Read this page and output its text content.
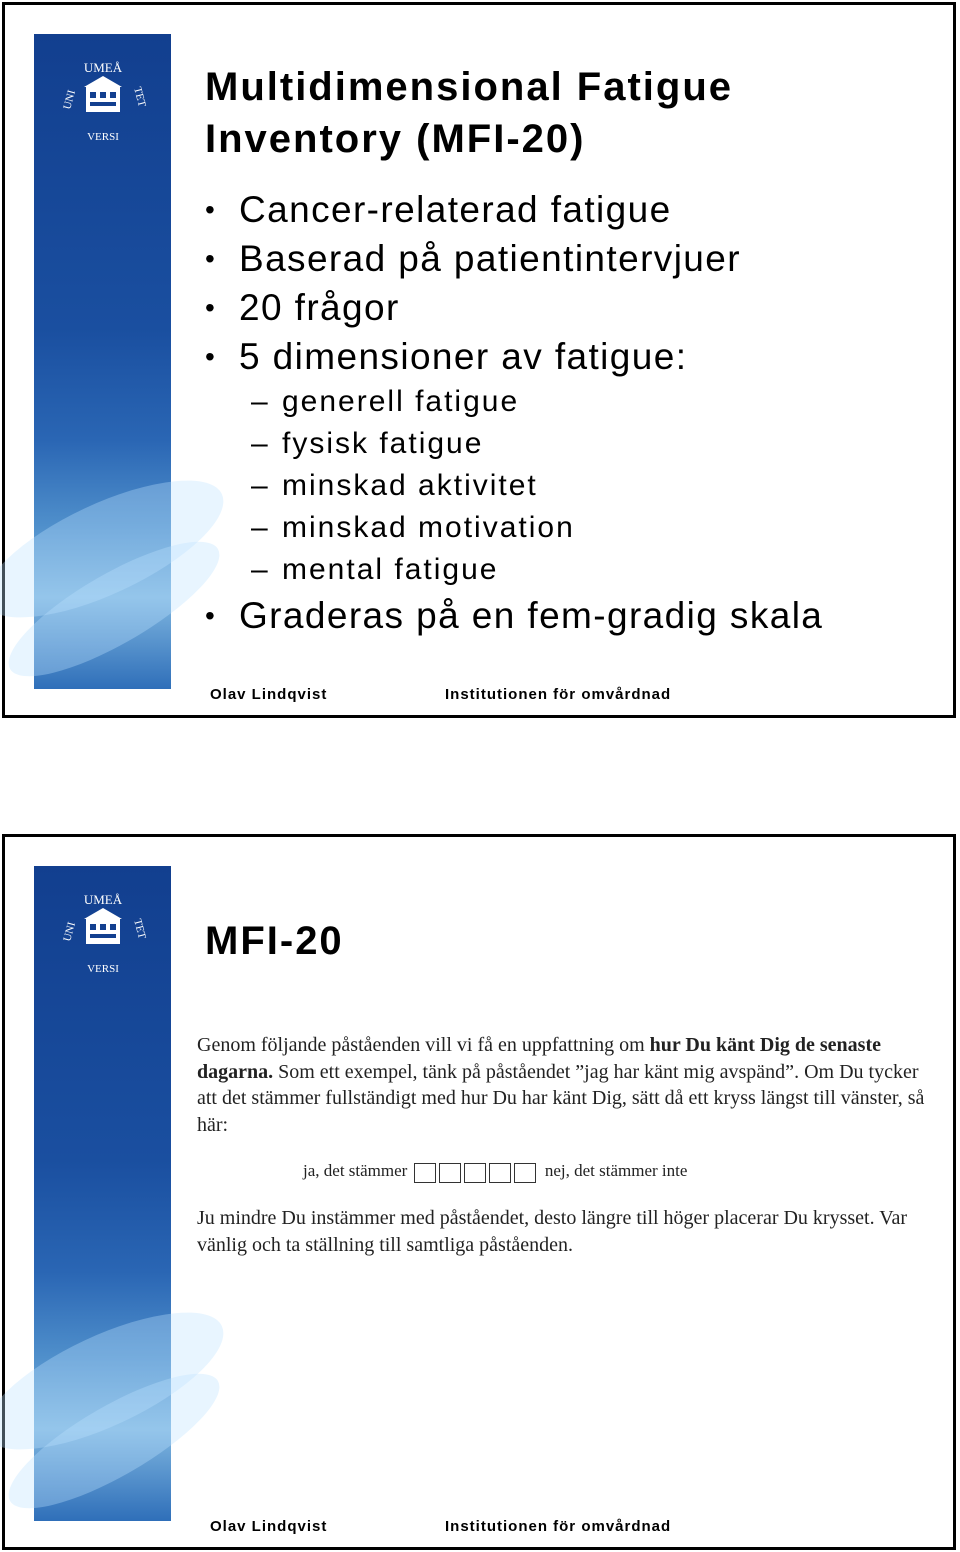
UMEÅ
UNI	TET
VERSI
Multidimensional Fatigue
Inventory (MFI-20)
• Cancer-relaterad fatigue
• Baserad på patientintervjuer
• 20 frågor
• 5 dimensioner av fatigue:
– generell fatigue
– fysisk fatigue
– minskad aktivitet
– minskad motivation
– mental fatigue
• Graderas på en fem-gradig skala
Olav Lindqvist	Institutionen för omvårdnad
UMEÅ
UNI	TET
VERSI
MFI-20
Olav Lindqvist	Institutionen för omvårdnad

Genom följande påståenden vill vi få en uppfattning om hur Du känt Dig de senaste dagarna. Som ett exempel, tänk på påståendet ”jag har känt mig avspänd”. Om Du tycker att det stämmer fullständigt med hur Du har känt Dig, sätt då ett kryss längst till vänster, så här:

ja, det stämmer	nej, det stämmer inte

Ju mindre Du instämmer med påståendet, desto längre till höger placerar Du krysset. Var vänlig och ta ställning till samtliga påståenden.
